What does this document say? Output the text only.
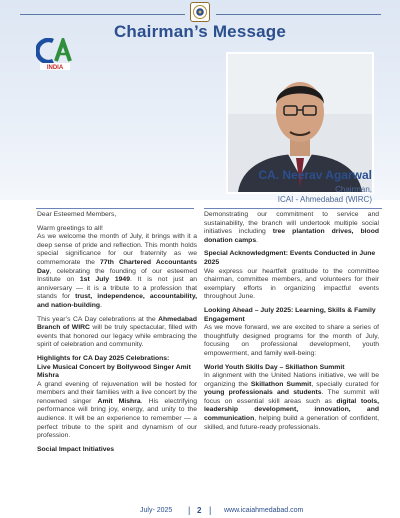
Chairman’s Message
INDIA
CA. Neerav Agarwal
Chairman,
ICAI - Ahmedabad (WIRC)

Dear Esteemed Members,

Warm greetings to all!

As we welcome the month of July, it brings with it a deep sense of pride and reflection. This month holds special significance for our fraternity as we commemorate the 77th Chartered Accountants Day, celebrating the founding of our esteemed Institute on 1st July 1949. It is not just an anniversary — it is a tribute to a profession that stands for trust, independence, accountability, and nation-building.

This year’s CA Day celebrations at the Ahmedabad Branch of WIRC will be truly spectacular, filled with events that honored our legacy while embracing the spirit of celebration and community.

Highlights for CA Day 2025 Celebrations:

Live Musical Concert by Bollywood Singer Amit Mishra

A grand evening of rejuvenation will be hosted for members and their families with a live concert by the renowned singer Amit Mishra. His electrifying performance will bring joy, energy, and unity to the audience. It will be an experience to remember — a perfect tribute to the spirit and dynamism of our profession.

Social Impact Initiatives

Demonstrating our commitment to service and sustainability, the branch will undertook multiple social initiatives including tree plantation drives, blood donation camps.

Special Acknowledgment: Events Conducted in June 2025

We express our heartfelt gratitude to the committee chairman, committee members, and volunteers for their exemplary efforts in organizing impactful events throughout June.

Looking Ahead – July 2025: Learning, Skills & Family Engagement

As we move forward, we are excited to share a series of thoughtfully designed programs for the month of July, focusing on professional development, youth empowerment, and family well-being:

World Youth Skills Day – Skillathon Summit

In alignment with the United Nations initiative, we will be organizing the Skillathon Summit, specially curated for young professionals and students. The summit will focus on essential skill areas such as digital tools, leadership development, innovation, and communication, helping build a generation of confident, skilled, and future-ready professionals.

July- 2025 | 2 | www.icaiahmedabad.com
